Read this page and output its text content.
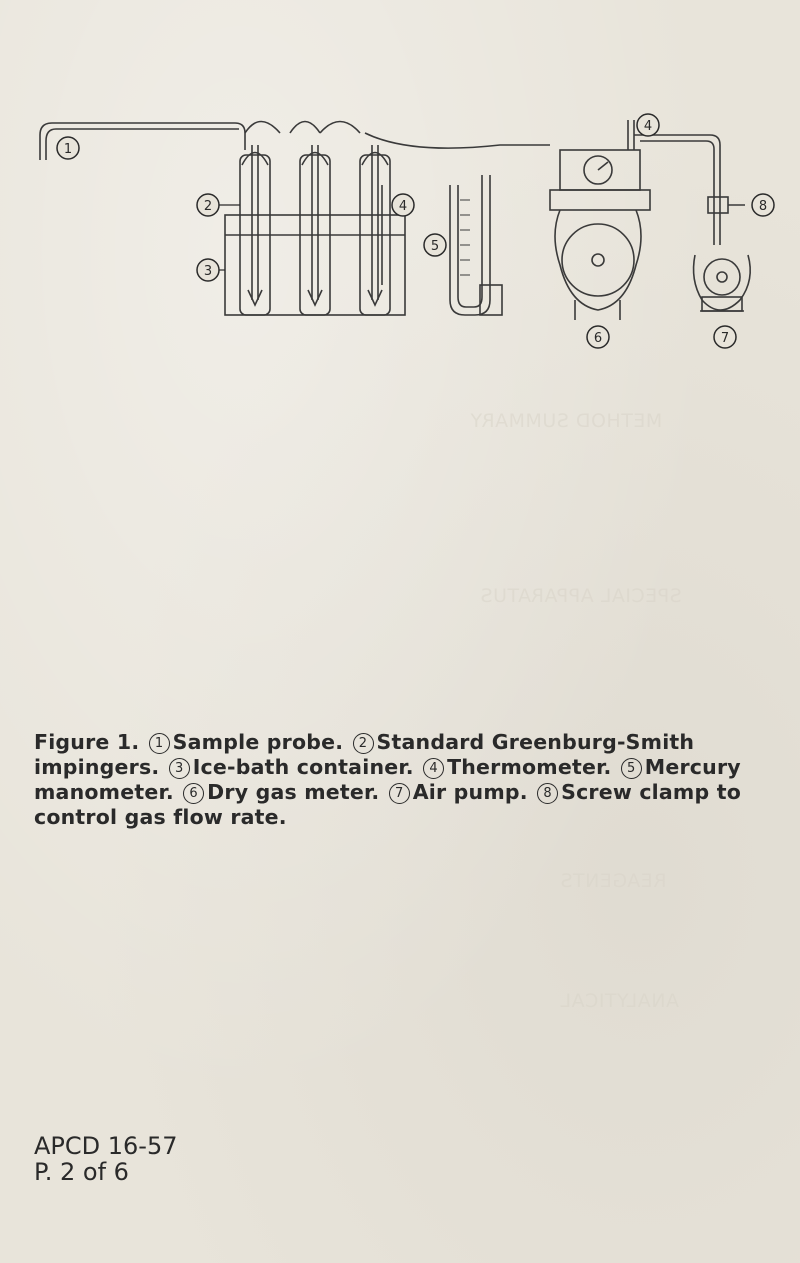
METHOD SUMMARY
SPECIAL APPARATUS
REAGENTS
ANALYTICAL
1
2
3
4
5
4
8
6	7
Figure 1. 1 Sample probe. 2 Standard Greenburg-Smith impingers. 3 Ice-bath container. 4 Thermometer. 5 Mercury manometer. 6 Dry gas meter. 7 Air pump. 8 Screw clamp to control gas flow rate.
APCD 16-57
P. 2 of 6
